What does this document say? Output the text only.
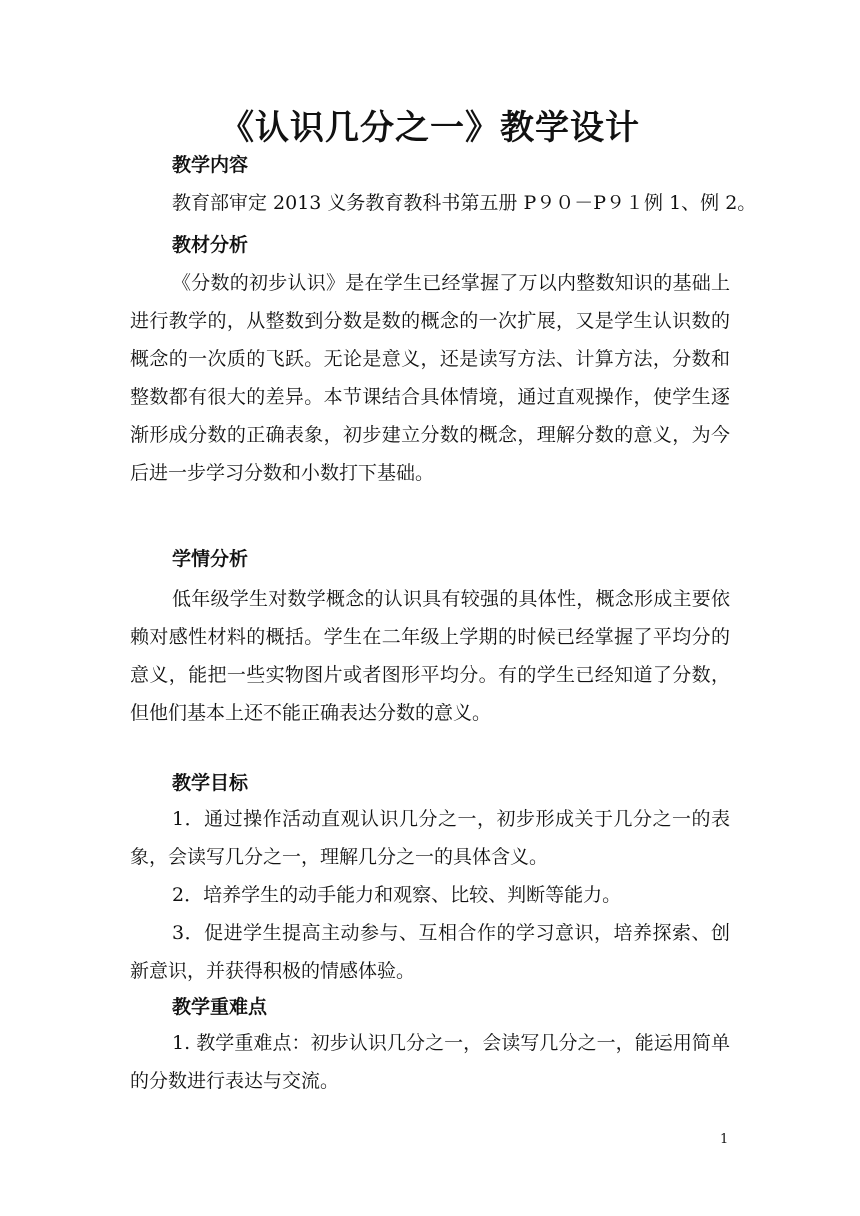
《认识几分之一》教学设计
教学内容
教育部审定 2013 义务教育教科书第五册 P９０－P９１例 1、例 2。
教材分析
《分数的初步认识》是在学生已经掌握了万以内整数知识的基础上进行教学的，从整数到分数是数的概念的一次扩展，又是学生认识数的概念的一次质的飞跃。无论是意义，还是读写方法、计算方法，分数和整数都有很大的差异。本节课结合具体情境，通过直观操作，使学生逐渐形成分数的正确表象，初步建立分数的概念，理解分数的意义，为今后进一步学习分数和小数打下基础。
学情分析
低年级学生对数学概念的认识具有较强的具体性，概念形成主要依赖对感性材料的概括。学生在二年级上学期的时候已经掌握了平均分的意义，能把一些实物图片或者图形平均分。有的学生已经知道了分数，但他们基本上还不能正确表达分数的意义。
教学目标
1．通过操作活动直观认识几分之一，初步形成关于几分之一的表象，会读写几分之一，理解几分之一的具体含义。
2．培养学生的动手能力和观察、比较、判断等能力。
3．促进学生提高主动参与、互相合作的学习意识，培养探索、创新意识，并获得积极的情感体验。
教学重难点
1. 教学重难点：初步认识几分之一，会读写几分之一，能运用简单的分数进行表达与交流。
1
